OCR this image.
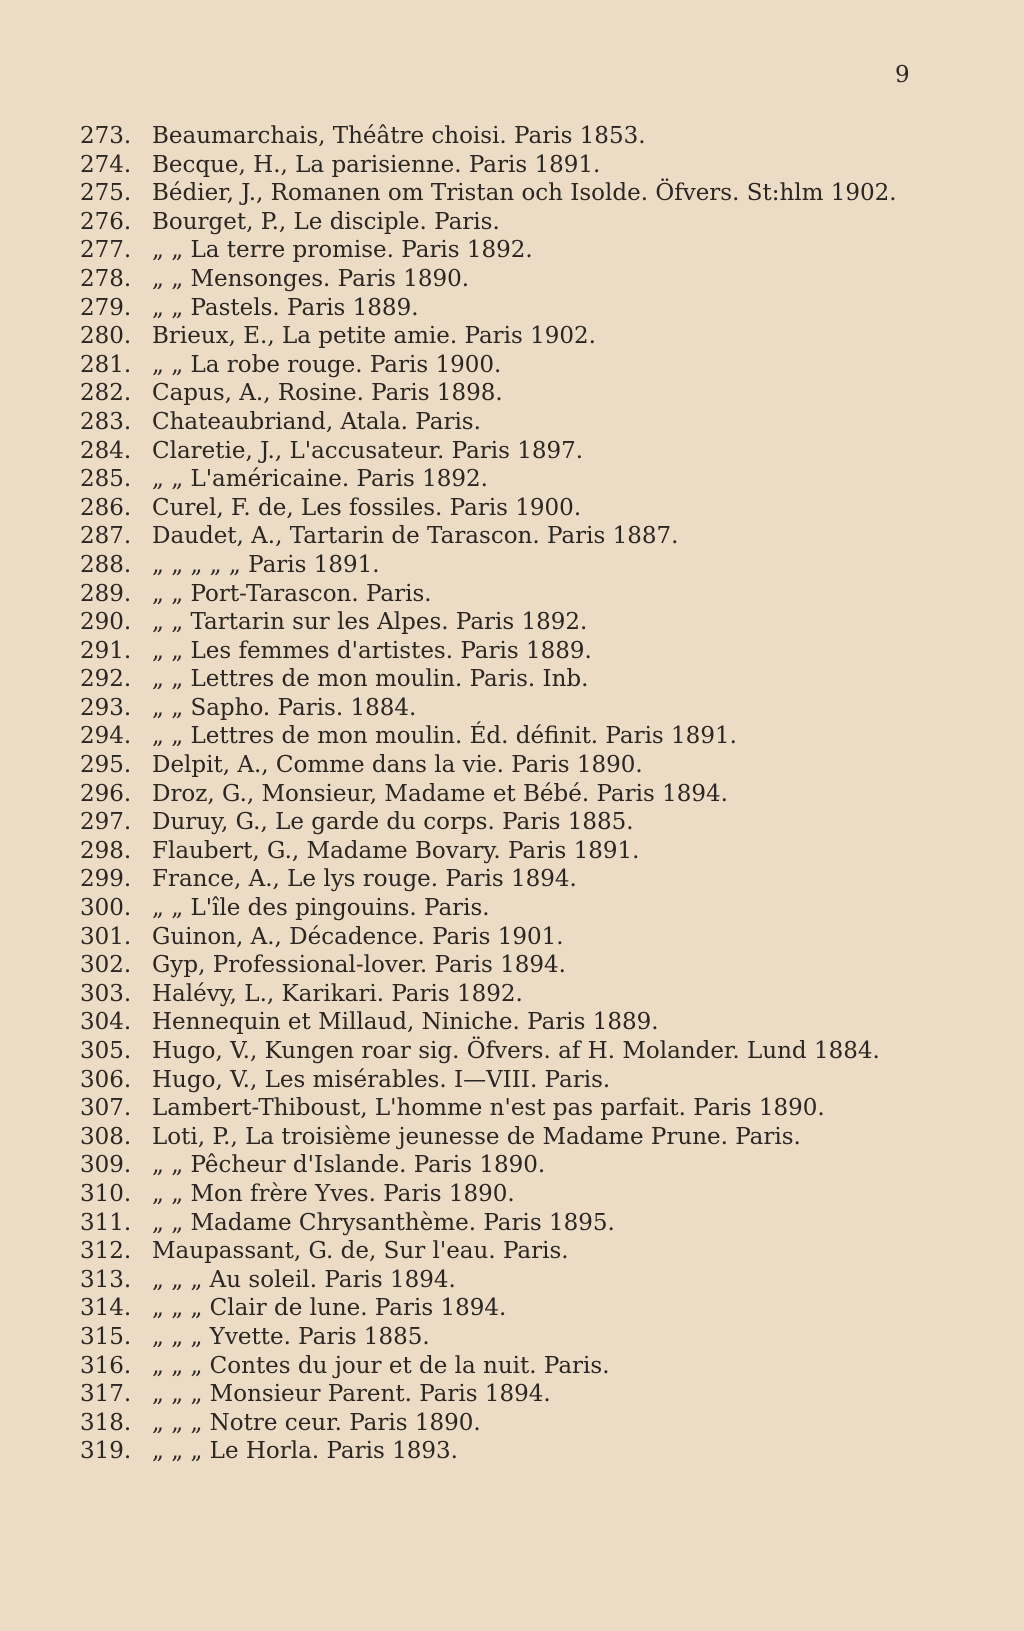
9
273. Beaumarchais, Théâtre choisi. Paris 1853.
274. Becque, H., La parisienne. Paris 1891.
275. Bédier, J., Romanen om Tristan och Isolde. Öfvers. St:hlm 1902.
276. Bourget, P., Le disciple. Paris.
277. „ „ La terre promise. Paris 1892.
278. „ „ Mensonges. Paris 1890.
279. „ „ Pastels. Paris 1889.
280. Brieux, E., La petite amie. Paris 1902.
281. „ „ La robe rouge. Paris 1900.
282. Capus, A., Rosine. Paris 1898.
283. Chateaubriand, Atala. Paris.
284. Claretie, J., L'accusateur. Paris 1897.
285. „ „ L'américaine. Paris 1892.
286. Curel, F. de, Les fossiles. Paris 1900.
287. Daudet, A., Tartarin de Tarascon. Paris 1887.
288. „ „ „ „ „ Paris 1891.
289. „ „ Port-Tarascon. Paris.
290. „ „ Tartarin sur les Alpes. Paris 1892.
291. „ „ Les femmes d'artistes. Paris 1889.
292. „ „ Lettres de mon moulin. Paris. Inb.
293. „ „ Sapho. Paris. 1884.
294. „ „ Lettres de mon moulin. Éd. définit. Paris 1891.
295. Delpit, A., Comme dans la vie. Paris 1890.
296. Droz, G., Monsieur, Madame et Bébé. Paris 1894.
297. Duruy, G., Le garde du corps. Paris 1885.
298. Flaubert, G., Madame Bovary. Paris 1891.
299. France, A., Le lys rouge. Paris 1894.
300. „ „ L'île des pingouins. Paris.
301. Guinon, A., Décadence. Paris 1901.
302. Gyp, Professional-lover. Paris 1894.
303. Halévy, L., Karikari. Paris 1892.
304. Hennequin et Millaud, Niniche. Paris 1889.
305. Hugo, V., Kungen roar sig. Öfvers. af H. Molander. Lund 1884.
306. Hugo, V., Les misérables. I—VIII. Paris.
307. Lambert-Thiboust, L'homme n'est pas parfait. Paris 1890.
308. Loti, P., La troisième jeunesse de Madame Prune. Paris.
309. „ „ Pêcheur d'Islande. Paris 1890.
310. „ „ Mon frère Yves. Paris 1890.
311. „ „ Madame Chrysanthème. Paris 1895.
312. Maupassant, G. de, Sur l'eau. Paris.
313. „ „ „ Au soleil. Paris 1894.
314. „ „ „ Clair de lune. Paris 1894.
315. „ „ „ Yvette. Paris 1885.
316. „ „ „ Contes du jour et de la nuit. Paris.
317. „ „ „ Monsieur Parent. Paris 1894.
318. „ „ „ Notre ceur. Paris 1890.
319. „ „ „ Le Horla. Paris 1893.
